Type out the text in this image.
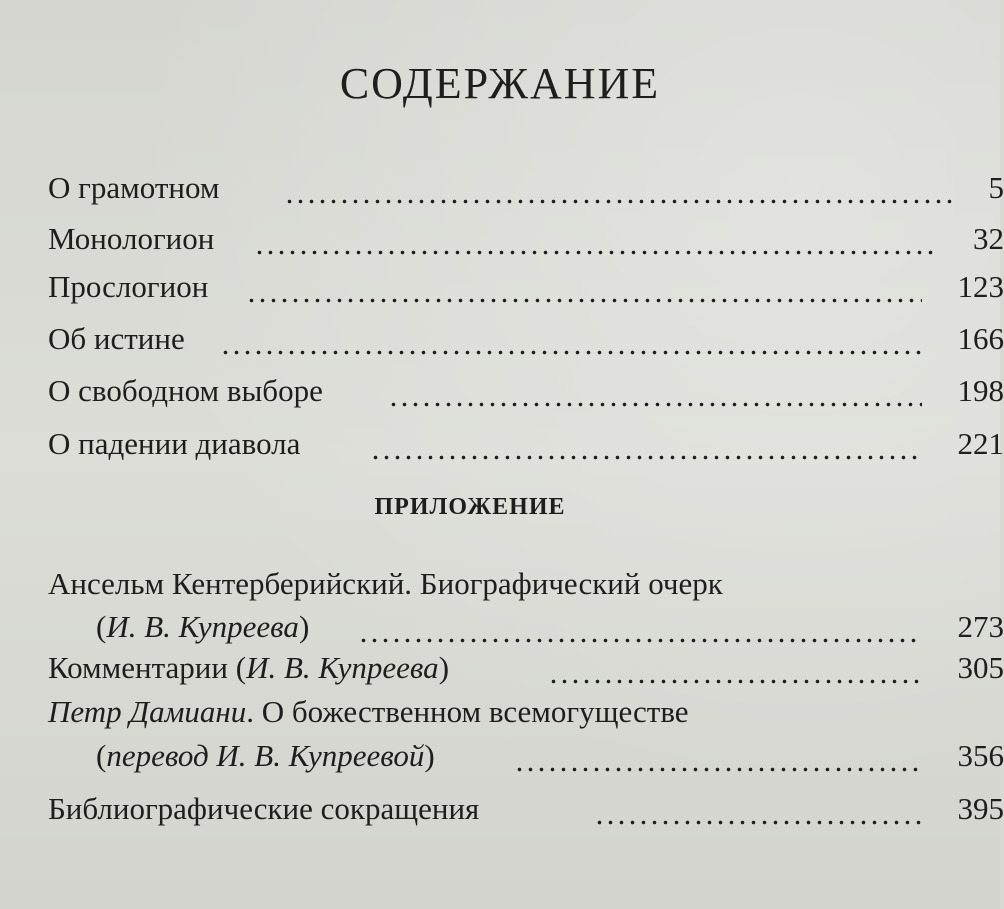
СОДЕРЖАНИЕ
О грамотном	5
Монологион	32
Прослогион	123
Об истине	166
О свободном выборе	198
О падении диавола	221
ПРИЛОЖЕНИЕ
Ансельм Кентерберийский. Биографический очерк
(И. В. Купреева)	273
Комментарии (И. В. Купреева)	305
Петр Дамиани. О божественном всемогуществе
(перевод И. В. Купреевой)	356
Библиографические сокращения	395
